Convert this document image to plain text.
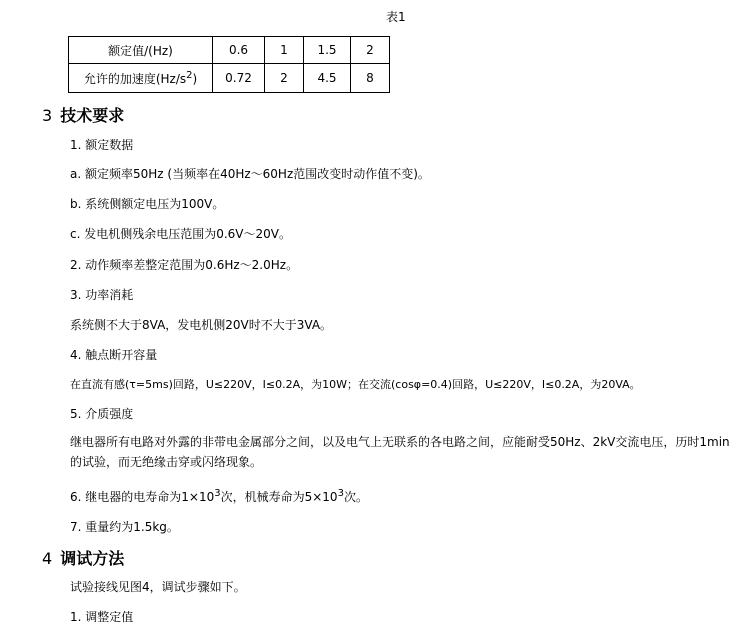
表1
额定值/(Hz)	0.6	1	1.5	2
允许的加速度$(Hz/s^2)$	0.72	2	4.5	8
3 技术要求
1. 额定数据
a. 额定频率50Hz (当频率在40Hz～60Hz范围改变时动作值不变)。
b. 系统侧额定电压为100V。
c. 发电机侧残余电压范围为0.6V～20V。
2. 动作频率差整定范围为0.6Hz～2.0Hz。
3. 功率消耗
系统侧不大于8VA，发电机侧20V时不大于3VA。
4. 触点断开容量
在直流有感(τ=5ms)回路，U≤220V，I≤0.2A，为10W；在交流(cosφ=0.4)回路，U≤220V，I≤0.2A，为20VA。
5. 介质强度
继电器所有电路对外露的非带电金属部分之间，以及电气上无联系的各电路之间，应能耐受50Hz、2kV交流电压，历时1min的试验，而无绝缘击穿或闪络现象。
6. 继电器的电寿命为$1\times 10^3$次，机械寿命为$5\times 10^3$次。
7. 重量约为1.5kg。
4 调试方法
试验接线见图4，调试步骤如下。
1. 调整定值
